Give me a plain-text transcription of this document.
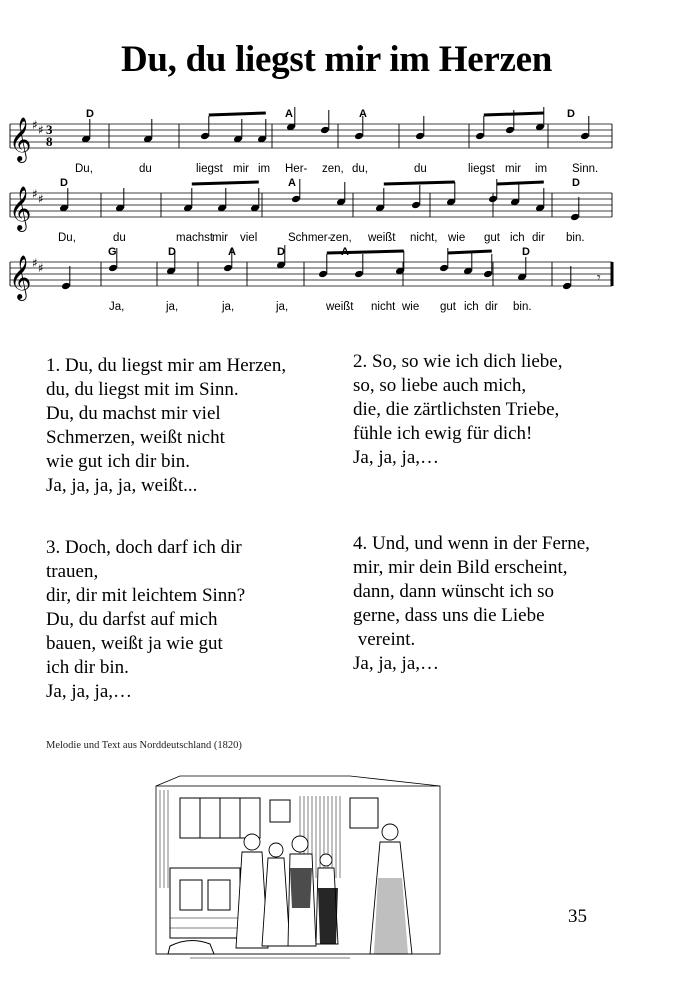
Du, du liegst mir im Herzen
𝄞
𝄞
𝄞
♯ ♯
♯ ♯
♯ ♯
3
8
𝄾
D	A	A	D
D	A	D
G	D	A	D	A	D
Du,	du	liegst mir im Her- zen, du,	du	liegst mir im Sinn.
Du,	du	machst
mir viel	Schmer-
zen, weißt nicht, wie gut ich dir bin.
Ja,	ja,	ja,	ja,	weißt nicht wie gut ich dir bin.
1. Du, du liegst mir am Herzen,
du, du liegst mit im Sinn.
Du, du machst mir viel
Schmerzen, weißt nicht
wie gut ich dir bin.
Ja, ja, ja, ja, weißt...
2. So, so wie ich dich liebe,
so, so liebe auch mich,
die, die zärtlichsten Triebe,
fühle ich ewig für dich!
Ja, ja, ja,…
3. Doch, doch darf ich dir
trauen,
dir, dir mit leichtem Sinn?
Du, du darfst auf mich
bauen, weißt ja wie gut
ich dir bin.
Ja, ja, ja,…
4. Und, und wenn in der Ferne,
mir, mir dein Bild erscheint,
dann, dann wünscht ich so
gerne, dass uns die Liebe
vereint.
Ja, ja, ja,…
Melodie und Text aus Norddeutschland (1820)
35
